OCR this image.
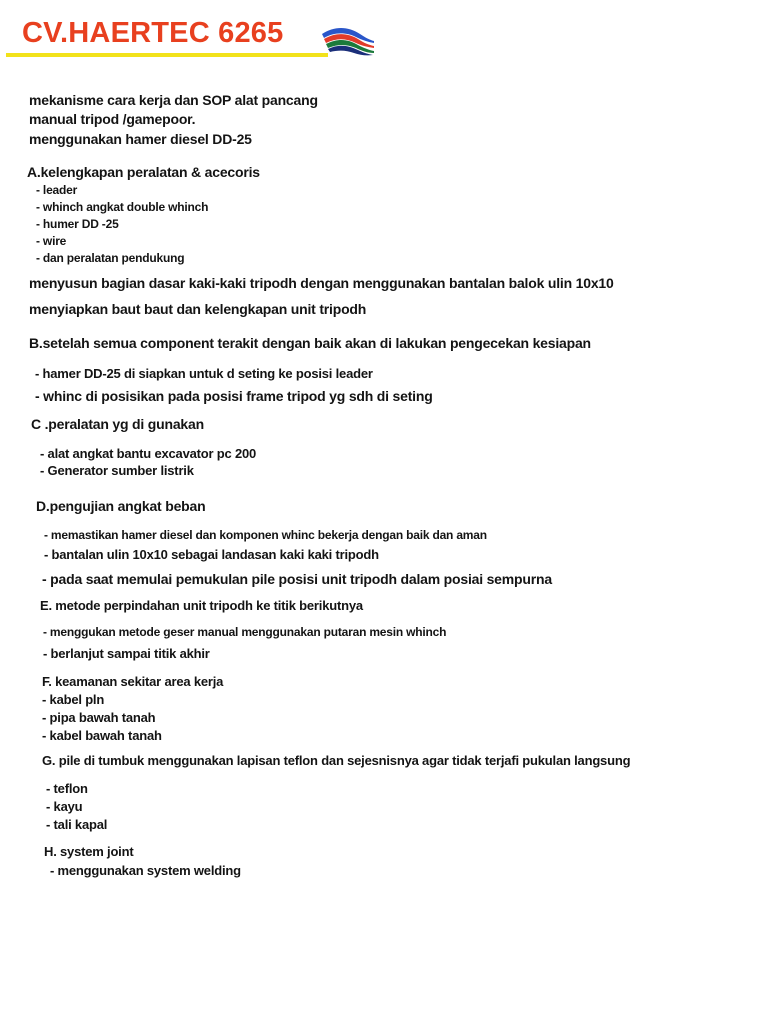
CV.HAERTEC 6265
mekanisme cara kerja dan SOP alat pancang
manual tripod /gamepoor.
menggunakan hamer diesel DD-25
A.kelengkapan peralatan & acecoris
- leader
- whinch angkat double whinch
- humer DD -25
- wire
- dan peralatan pendukung
menyusun bagian dasar kaki-kaki tripodh dengan menggunakan bantalan balok ulin 10x10
menyiapkan baut baut dan kelengkapan unit tripodh
B.setelah semua component terakit dengan baik akan di lakukan pengecekan kesiapan
- hamer DD-25 di siapkan untuk d seting ke posisi leader
- whinc di posisikan pada posisi frame tripod yg sdh di seting
C .peralatan yg di gunakan
- alat angkat bantu excavator pc 200
- Generator sumber listrik
D.pengujian angkat beban
- memastikan hamer diesel dan komponen whinc bekerja dengan baik dan aman
- bantalan ulin 10x10 sebagai landasan kaki kaki tripodh
- pada saat memulai pemukulan pile posisi unit tripodh dalam posiai sempurna
E. metode perpindahan unit tripodh ke titik berikutnya
- menggukan metode geser manual menggunakan putaran mesin whinch
- berlanjut sampai titik akhir
F. keamanan sekitar area kerja
- kabel pln
- pipa bawah tanah
- kabel bawah tanah
G. pile di tumbuk menggunakan lapisan teflon dan sejesnisnya agar tidak terjafi pukulan langsung
- teflon
- kayu
- tali kapal
H. system joint
- menggunakan system welding
